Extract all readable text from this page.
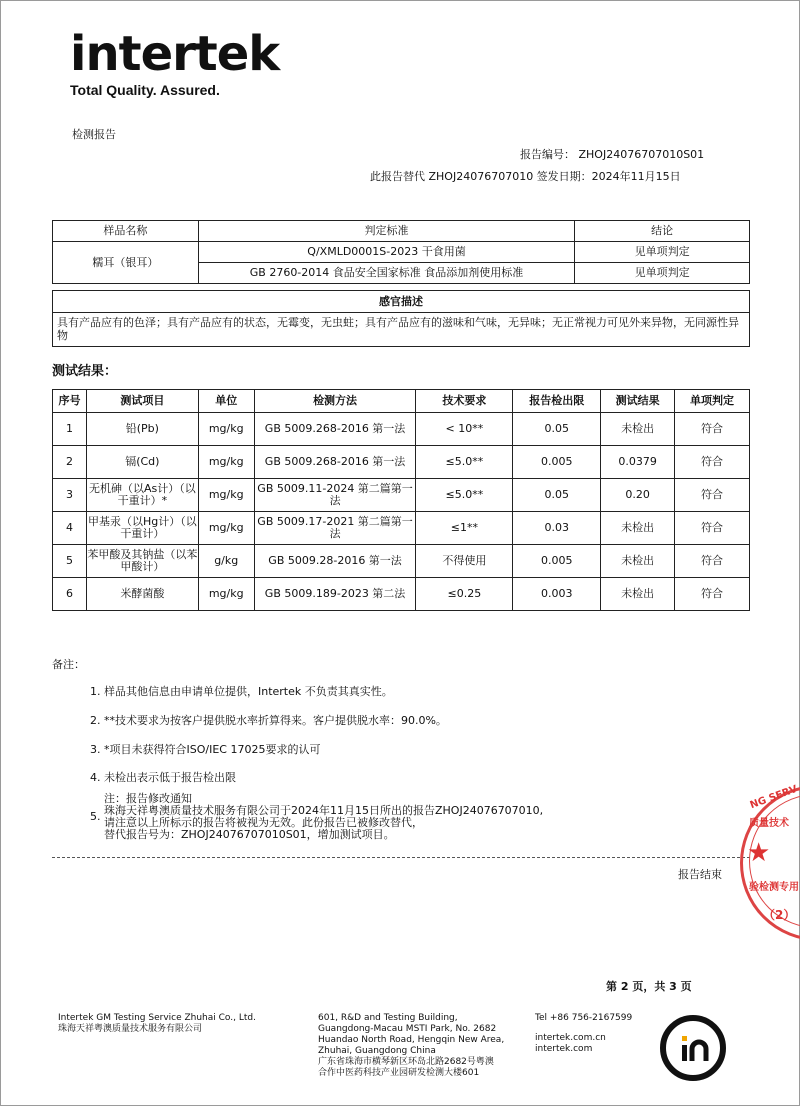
intertek
Total Quality. Assured.
检测报告
报告编号： ZHOJ24076707010S01
此报告替代 ZHOJ24076707010 签发日期：2024年11月15日
样品名称	判定标准	结论
糯耳（银耳）	Q/XMLD0001S-2023 干食用菌	见单项判定
	GB 2760-2014 食品安全国家标准 食品添加剂使用标准	见单项判定
感官描述
具有产品应有的色泽；具有产品应有的状态，无霉变，无虫蛀；具有产品应有的滋味和气味，无异味；无正常视力可见外来异物，无同源性异物
测试结果：
序号	测试项目	单位	检测方法	技术要求	报告检出限	测试结果	单项判定
1	铅(Pb)	mg/kg	GB 5009.268-2016 第一法	< 10**	0.05	未检出	符合
2	镉(Cd)	mg/kg	GB 5009.268-2016 第一法	≤5.0**	0.005	0.0379	符合
3	无机砷（以As计）（以干重计）*	mg/kg	GB 5009.11-2024 第二篇第一法	≤5.0**	0.05	0.20	符合
4	甲基汞（以Hg计）（以干重计）	mg/kg	GB 5009.17-2021 第二篇第一法	≤1**	0.03	未检出	符合
5	苯甲酸及其钠盐（以苯甲酸计）	g/kg	GB 5009.28-2016 第一法	不得使用	0.005	未检出	符合
6	米酵菌酸	mg/kg	GB 5009.189-2023 第二法	≤0.25	0.003	未检出	符合
备注：
1. 样品其他信息由申请单位提供，Intertek 不负责其真实性。
2. **技术要求为按客户提供脱水率折算得来。客户提供脱水率：90.0%。
3. *项目未获得符合ISO/IEC 17025要求的认可
4. 未检出表示低于报告检出限
5.
注：报告修改通知
珠海天祥粤澳质量技术服务有限公司于2024年11月15日所出的报告ZHOJ24076707010,
请注意以上所标示的报告将被视为无效。此份报告已被修改替代，
替代报告号为：ZHOJ24076707010S01，增加测试项目。
报告结束
NG SERV
质量技术
★
验检测专用
（2）
第 2 页，共 3 页
Intertek GM Testing Service Zhuhai Co., Ltd.
珠海天祥粤澳质量技术服务有限公司
601, R&D and Testing Building,
Guangdong-Macau MSTI Park, No. 2682
Huandao North Road, Hengqin New Area,
Zhuhai, Guangdong China
广东省珠海市横琴新区环岛北路2682号粤澳
合作中医药科技产业园研发检测大楼601
Tel +86 756-2167599
intertek.com.cn
intertek.com
